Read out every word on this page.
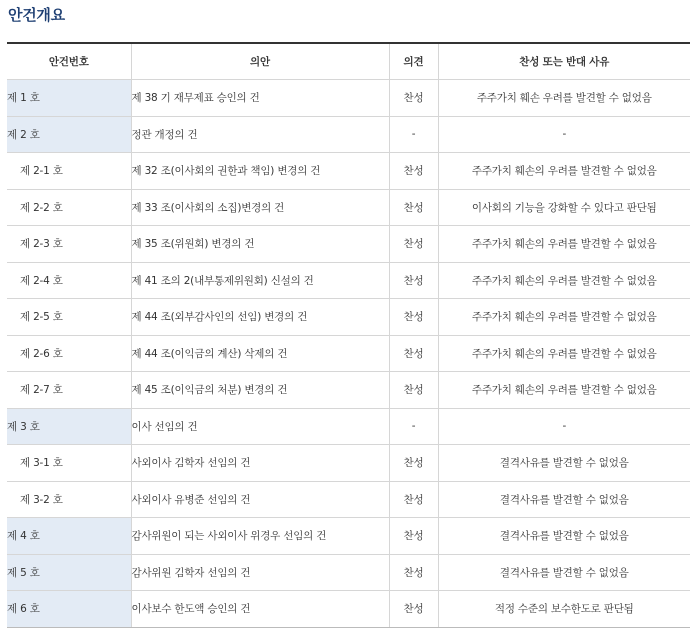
안건개요
안건번호	의안	의견	찬성 또는 반대 사유
제 1 호	제 38 기 재무제표 승인의 건	찬성	주주가치 훼손 우려를 발견할 수 없었음
제 2 호	정관 개정의 건	-	-
제 2-1 호	제 32 조(이사회의 권한과 책임) 변경의 건	찬성	주주가치 훼손의 우려를 발견할 수 없었음
제 2-2 호	제 33 조(이사회의 소집)변경의 건	찬성	이사회의 기능을 강화할 수 있다고 판단됨
제 2-3 호	제 35 조(위원회) 변경의 건	찬성	주주가치 훼손의 우려를 발견할 수 없었음
제 2-4 호	제 41 조의 2(내부통제위원회) 신설의 건	찬성	주주가치 훼손의 우려를 발견할 수 없었음
제 2-5 호	제 44 조(외부감사인의 선임) 변경의 건	찬성	주주가치 훼손의 우려를 발견할 수 없었음
제 2-6 호	제 44 조(이익금의 계산) 삭제의 건	찬성	주주가치 훼손의 우려를 발견할 수 없었음
제 2-7 호	제 45 조(이익금의 처분) 변경의 건	찬성	주주가치 훼손의 우려를 발견할 수 없었음
제 3 호	이사 선임의 건	-	-
제 3-1 호	사외이사 김학자 선임의 건	찬성	결격사유를 발견할 수 없었음
제 3-2 호	사외이사 유병준 선임의 건	찬성	결격사유를 발견할 수 없었음
제 4 호	감사위원이 되는 사외이사 위경우 선임의 건	찬성	결격사유를 발견할 수 없었음
제 5 호	감사위원 김학자 선임의 건	찬성	결격사유를 발견할 수 없었음
제 6 호	이사보수 한도액 승인의 건	찬성	적정 수준의 보수한도로 판단됨
